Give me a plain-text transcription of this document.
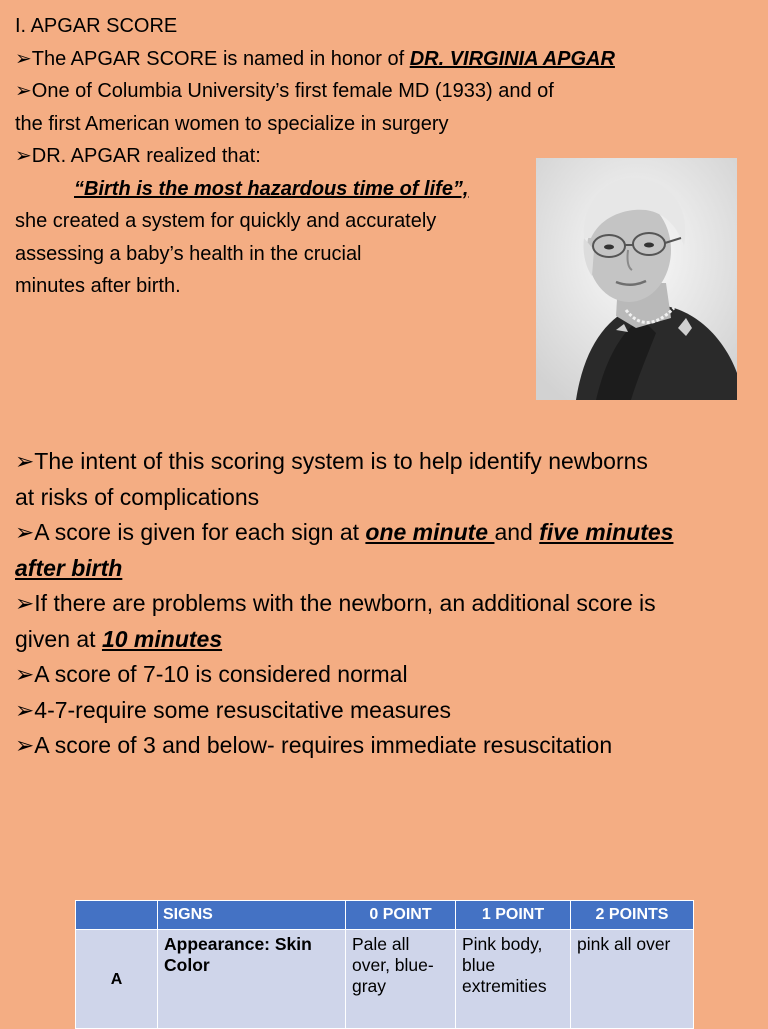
I. APGAR SCORE
➢The APGAR SCORE is named in honor of DR. VIRGINIA APGAR
➢One of Columbia University’s first female MD (1933) and of
the first American women to specialize in surgery
➢DR. APGAR realized that:
“Birth is the most hazardous time of life”,
she created a system for quickly and accurately
assessing a baby’s health in the crucial
minutes after birth.
➢The intent of this scoring system is to help identify newborns
at risks of complications
➢A score is given for each sign at one minute and five minutes
after birth
➢If there are problems with the newborn, an additional score is
given at 10 minutes
➢A score of 7-10 is considered normal
➢4-7-require some resuscitative measures
➢A score of 3 and below- requires immediate resuscitation
	SIGNS	0 POINT	1 POINT	2 POINTS
A	Appearance: Skin Color	Pale all over, blue-gray	Pink body, blue extremities	pink all over
